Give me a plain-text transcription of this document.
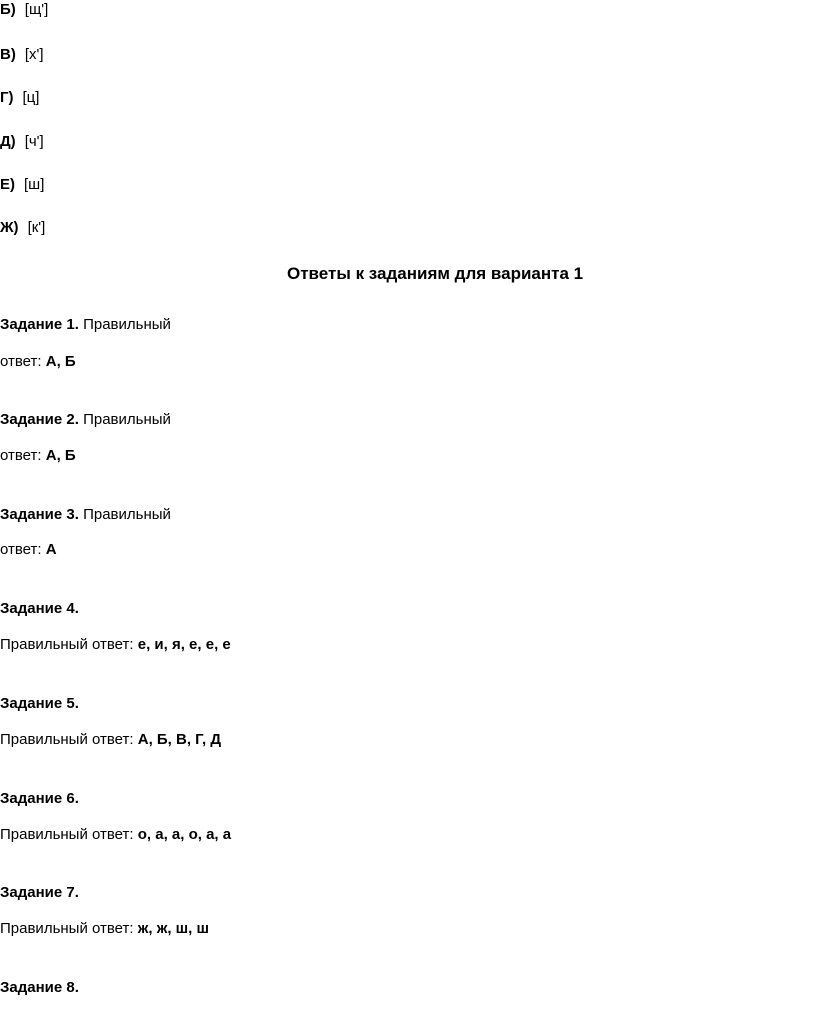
Б) [щ']
В) [х']
Г) [ц]
Д) [ч']
Е) [ш]
Ж) [к']
Ответы к заданиям для варианта 1
Задание 1. Правильный
ответ: А, Б
Задание 2. Правильный
ответ: А, Б
Задание 3. Правильный
ответ: А
Задание 4.
Правильный ответ: е, и, я, е, е, е
Задание 5.
Правильный ответ: А, Б, В, Г, Д
Задание 6.
Правильный ответ: о, а, а, о, а, а
Задание 7.
Правильный ответ: ж, ж, ш, ш
Задание 8.
